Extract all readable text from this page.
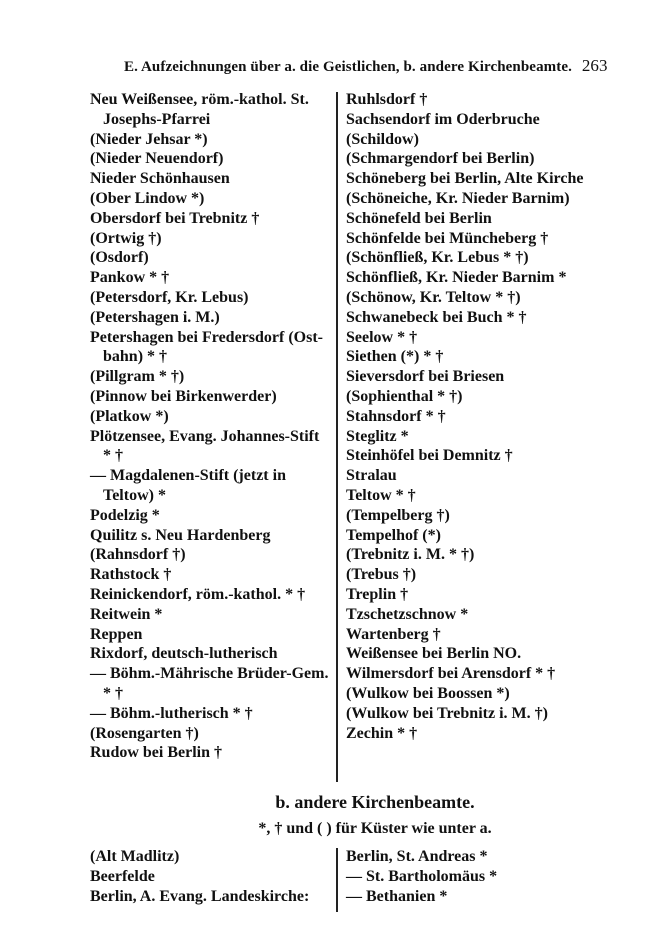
E. Aufzeichnungen über a. die Geistlichen, b. andere Kirchenbeamte. 263
Neu Weißensee, röm.-kathol. St. Josephs-Pfarrei
(Nieder Jehsar *)
(Nieder Neuendorf)
Nieder Schönhausen
(Ober Lindow *)
Obersdorf bei Trebnitz †
(Ortwig †)
(Osdorf)
Pankow * †
(Petersdorf, Kr. Lebus)
(Petershagen i. M.)
Petershagen bei Fredersdorf (Ost-bahn) * †
(Pillgram * †)
(Pinnow bei Birkenwerder)
(Platkow *)
Plötzensee, Evang. Johannes-Stift * †
— Magdalenen-Stift (jetzt in Teltow) *
Podelzig *
Quilitz s. Neu Hardenberg
(Rahnsdorf †)
Rathstock †
Reinickendorf, röm.-kathol. * †
Reitwein *
Reppen
Rixdorf, deutsch-lutherisch
— Böhm.-Mährische Brüder-Gem. * †
— Böhm.-lutherisch * †
(Rosengarten †)
Rudow bei Berlin †
Ruhlsdorf †
Sachsendorf im Oderbruche
(Schildow)
(Schmargendorf bei Berlin)
Schöneberg bei Berlin, Alte Kirche
(Schöneiche, Kr. Nieder Barnim)
Schönefeld bei Berlin
Schönfelde bei Müncheberg †
(Schönfließ, Kr. Lebus * †)
Schönfließ, Kr. Nieder Barnim *
(Schönow, Kr. Teltow * †)
Schwanebeck bei Buch * †
Seelow * †
Siethen (*) * †
Sieversdorf bei Briesen
(Sophienthal * †)
Stahnsdorf * †
Steglitz *
Steinhöfel bei Demnitz †
Stralau
Teltow * †
(Tempelberg †)
Tempelhof (*)
(Trebnitz i. M. * †)
(Trebus †)
Treplin †
Tzschetzschnow *
Wartenberg †
Weißensee bei Berlin NO.
Wilmersdorf bei Arensdorf * †
(Wulkow bei Boossen *)
(Wulkow bei Trebnitz i. M. †)
Zechin * †
b. andere Kirchenbeamte.
*, † und ( ) für Küster wie unter a.
(Alt Madlitz)
Beerfelde
Berlin, A. Evang. Landeskirche:
Berlin, St. Andreas *
— St. Bartholomäus *
— Bethanien *
